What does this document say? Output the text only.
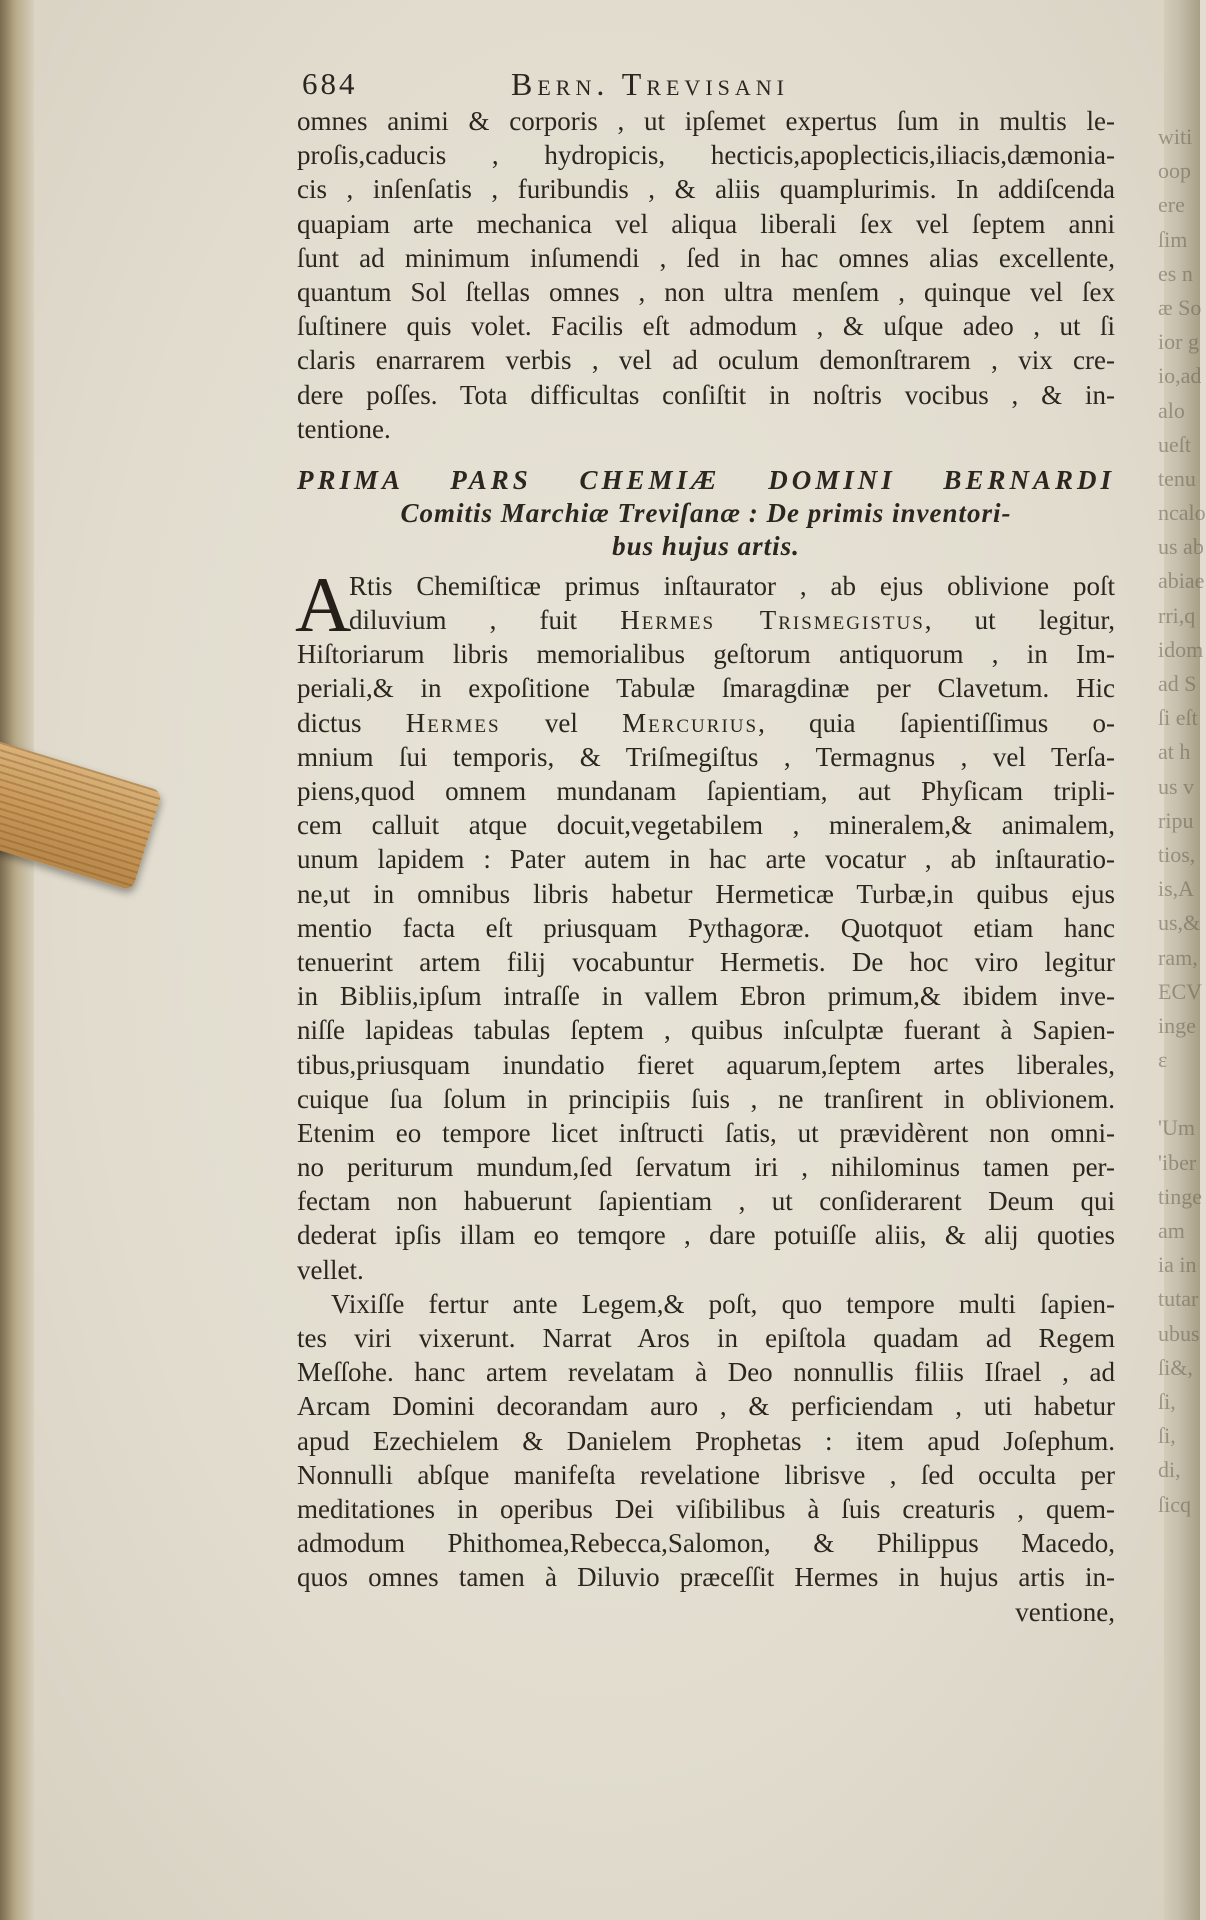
witi
oop
ere
ſim
es n
æ So
ior g
io,ad
alo
ueſt
tenu
ncalo
us ab
abiae
rri,q
idom
ad S
ſi eſt
at h
us v
ripu
tios,
is,A
us,&
ram,
ECV
inge
ε
'Um
'iber
tinge
am
ia in
tutar
ubus
ſi&,
ſi,
ſi,
di,
ſicq
684	Bern. Trevisani
omnes animi & corporis , ut ipſemet expertus ſum in multis le-
proſis,caducis , hydropicis, hecticis,apoplecticis,iliacis,dæmonia-
cis , inſenſatis , furibundis , & aliis quamplurimis. In addiſcenda
quapiam arte mechanica vel aliqua liberali ſex vel ſeptem anni
ſunt ad minimum inſumendi , ſed in hac omnes alias excellente,
quantum Sol ſtellas omnes , non ultra menſem , quinque vel ſex
ſuſtinere quis volet. Facilis eſt admodum , & uſque adeo , ut ſi
claris enarrarem verbis , vel ad oculum demonſtrarem , vix cre-
dere poſſes. Tota difficultas conſiſtit in noſtris vocibus , & in-
tentione.
PRIMA PARS CHEMIÆ DOMINI BERNARDI
Comitis Marchiæ Treviſanæ : De primis inventori-
bus hujus artis.
A
Rtis Chemiſticæ primus inſtaurator , ab ejus oblivione poſt
diluvium , fuit Hermes Trismegistus, ut legitur,
Hiſtoriarum libris memorialibus geſtorum antiquorum , in Im-
periali,& in expoſitione Tabulæ ſmaragdinæ per Clavetum. Hic
dictus Hermes vel Mercurius, quia ſapientiſſimus o-
mnium ſui temporis, & Triſmegiſtus , Termagnus , vel Terſa-
piens,quod omnem mundanam ſapientiam, aut Phyſicam tripli-
cem calluit atque docuit,vegetabilem , mineralem,& animalem,
unum lapidem : Pater autem in hac arte vocatur , ab inſtauratio-
ne,ut in omnibus libris habetur Hermeticæ Turbæ,in quibus ejus
mentio facta eſt priusquam Pythagoræ. Quotquot etiam hanc
tenuerint artem filij vocabuntur Hermetis. De hoc viro legitur
in Bibliis,ipſum intraſſe in vallem Ebron primum,& ibidem inve-
niſſe lapideas tabulas ſeptem , quibus inſculptæ fuerant à Sapien-
tibus,priusquam inundatio fieret aquarum,ſeptem artes liberales,
cuique ſua ſolum in principiis ſuis , ne tranſirent in oblivionem.
Etenim eo tempore licet inſtructi ſatis, ut prævidèrent non omni-
no periturum mundum,ſed ſervatum iri , nihilominus tamen per-
fectam non habuerunt ſapientiam , ut conſiderarent Deum qui
dederat ipſis illam eo temqore , dare potuiſſe aliis, & alij quoties
vellet.
Vixiſſe fertur ante Legem,& poſt, quo tempore multi ſapien-
tes viri vixerunt. Narrat Aros in epiſtola quadam ad Regem
Meſſohe. hanc artem revelatam à Deo nonnullis filiis Iſrael , ad
Arcam Domini decorandam auro , & perficiendam , uti habetur
apud Ezechielem & Danielem Prophetas : item apud Joſephum.
Nonnulli abſque manifeſta revelatione librisve , ſed occulta per
meditationes in operibus Dei viſibilibus à ſuis creaturis , quem-
admodum Phithomea,Rebecca,Salomon, & Philippus Macedo,
quos omnes tamen à Diluvio præceſſit Hermes in hujus artis in-
ventione,
